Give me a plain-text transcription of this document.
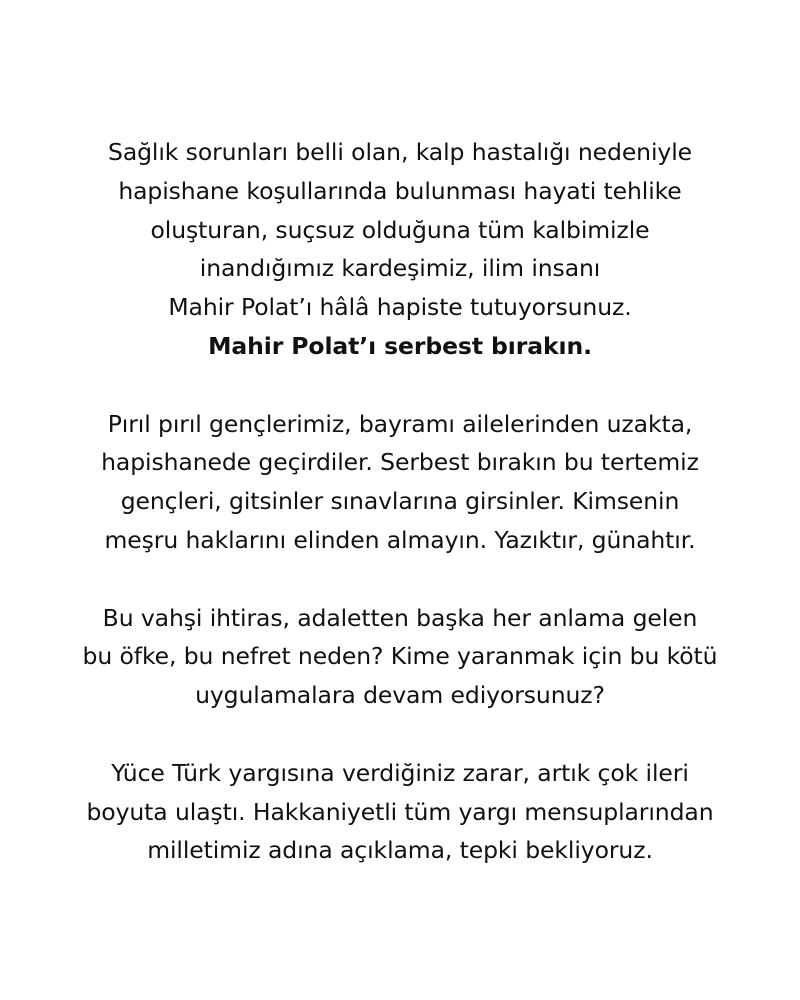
Sağlık sorunları belli olan, kalp hastalığı nedeniyle
hapishane koşullarında bulunması hayati tehlike
oluşturan, suçsuz olduğuna tüm kalbimizle
inandığımız kardeşimiz, ilim insanı
Mahir Polat’ı hâlâ hapiste tutuyorsunuz.
Mahir Polat’ı serbest bırakın.

Pırıl pırıl gençlerimiz, bayramı ailelerinden uzakta,
hapishanede geçirdiler. Serbest bırakın bu tertemiz
gençleri, gitsinler sınavlarına girsinler. Kimsenin
meşru haklarını elinden almayın. Yazıktır, günahtır.

Bu vahşi ihtiras, adaletten başka her anlama gelen
bu öfke, bu nefret neden? Kime yaranmak için bu kötü
uygulamalara devam ediyorsunuz?

Yüce Türk yargısına verdiğiniz zarar, artık çok ileri
boyuta ulaştı. Hakkaniyetli tüm yargı mensuplarından
milletimiz adına açıklama, tepki bekliyoruz.
